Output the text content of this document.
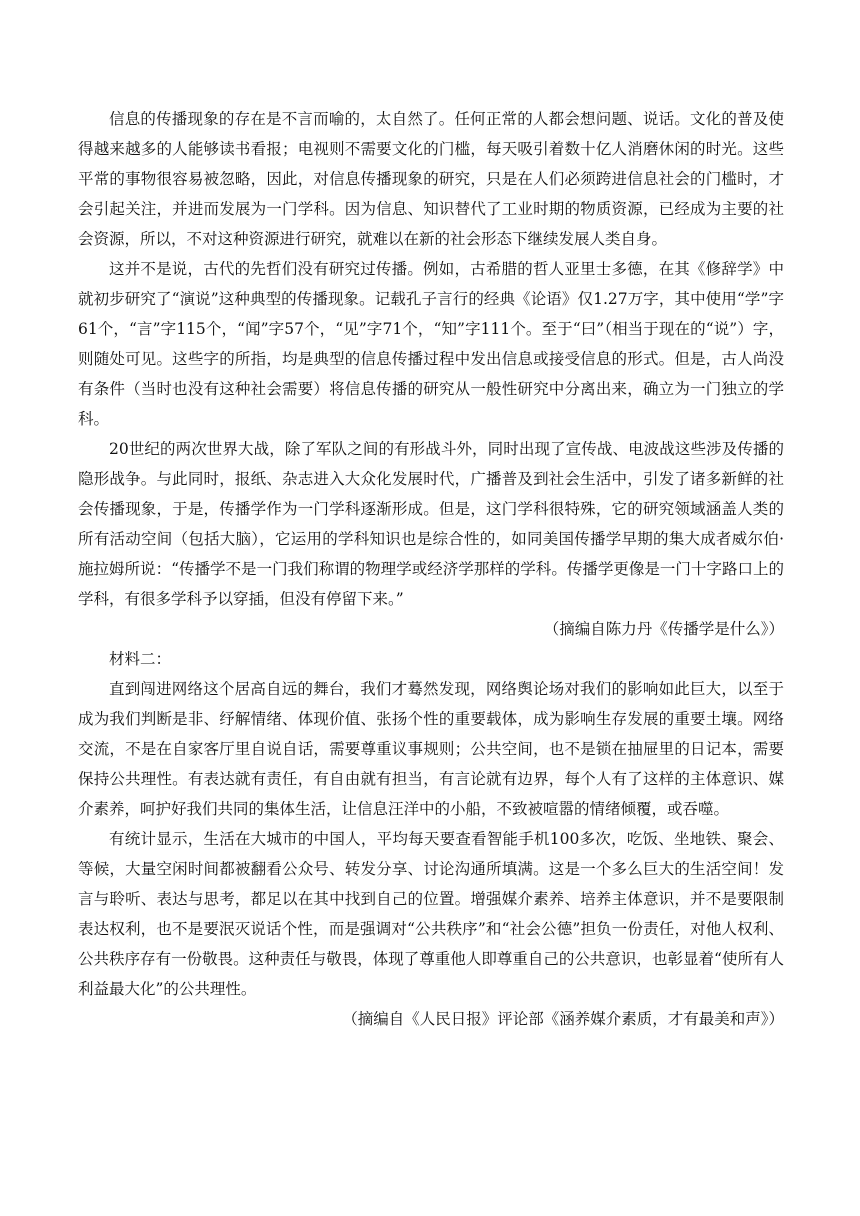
信息的传播现象的存在是不言而喻的，太自然了。任何正常的人都会想问题、说话。文化的普及使得越来越多的人能够读书看报；电视则不需要文化的门槛，每天吸引着数十亿人消磨休闲的时光。这些平常的事物很容易被忽略，因此，对信息传播现象的研究，只是在人们必须跨进信息社会的门槛时，才会引起关注，并进而发展为一门学科。因为信息、知识替代了工业时期的物质资源，已经成为主要的社会资源，所以，不对这种资源进行研究，就难以在新的社会形态下继续发展人类自身。

这并不是说，古代的先哲们没有研究过传播。例如，古希腊的哲人亚里士多德，在其《修辞学》中就初步研究了“演说”这种典型的传播现象。记载孔子言行的经典《论语》仅1.27万字，其中使用“学”字61个，“言”字115个，“闻”字57个，“见”字71个，“知”字111个。至于“曰”（相当于现在的“说”）字，则随处可见。这些字的所指，均是典型的信息传播过程中发出信息或接受信息的形式。但是，古人尚没有条件（当时也没有这种社会需要）将信息传播的研究从一般性研究中分离出来，确立为一门独立的学科。

20世纪的两次世界大战，除了军队之间的有形战斗外，同时出现了宣传战、电波战这些涉及传播的隐形战争。与此同时，报纸、杂志进入大众化发展时代，广播普及到社会生活中，引发了诸多新鲜的社会传播现象，于是，传播学作为一门学科逐渐形成。但是，这门学科很特殊，它的研究领域涵盖人类的所有活动空间（包括大脑），它运用的学科知识也是综合性的，如同美国传播学早期的集大成者威尔伯·施拉姆所说：“传播学不是一门我们称谓的物理学或经济学那样的学科。传播学更像是一门十字路口上的学科，有很多学科予以穿插，但没有停留下来。”

（摘编自陈力丹《传播学是什么》）

材料二：

直到闯进网络这个居高自远的舞台，我们才蓦然发现，网络舆论场对我们的影响如此巨大，以至于成为我们判断是非、纾解情绪、体现价值、张扬个性的重要载体，成为影响生存发展的重要土壤。网络交流，不是在自家客厅里自说自话，需要尊重议事规则；公共空间，也不是锁在抽屉里的日记本，需要保持公共理性。有表达就有责任，有自由就有担当，有言论就有边界，每个人有了这样的主体意识、媒介素养，呵护好我们共同的集体生活，让信息汪洋中的小船，不致被喧嚣的情绪倾覆，或吞噬。

有统计显示，生活在大城市的中国人，平均每天要查看智能手机100多次，吃饭、坐地铁、聚会、等候，大量空闲时间都被翻看公众号、转发分享、讨论沟通所填满。这是一个多么巨大的生活空间！发言与聆听、表达与思考，都足以在其中找到自己的位置。增强媒介素养、培养主体意识，并不是要限制表达权利，也不是要泯灭说话个性，而是强调对“公共秩序”和“社会公德”担负一份责任，对他人权利、公共秩序存有一份敬畏。这种责任与敬畏，体现了尊重他人即尊重自己的公共意识，也彰显着“使所有人利益最大化”的公共理性。

（摘编自《人民日报》评论部《涵养媒介素质，才有最美和声》）
